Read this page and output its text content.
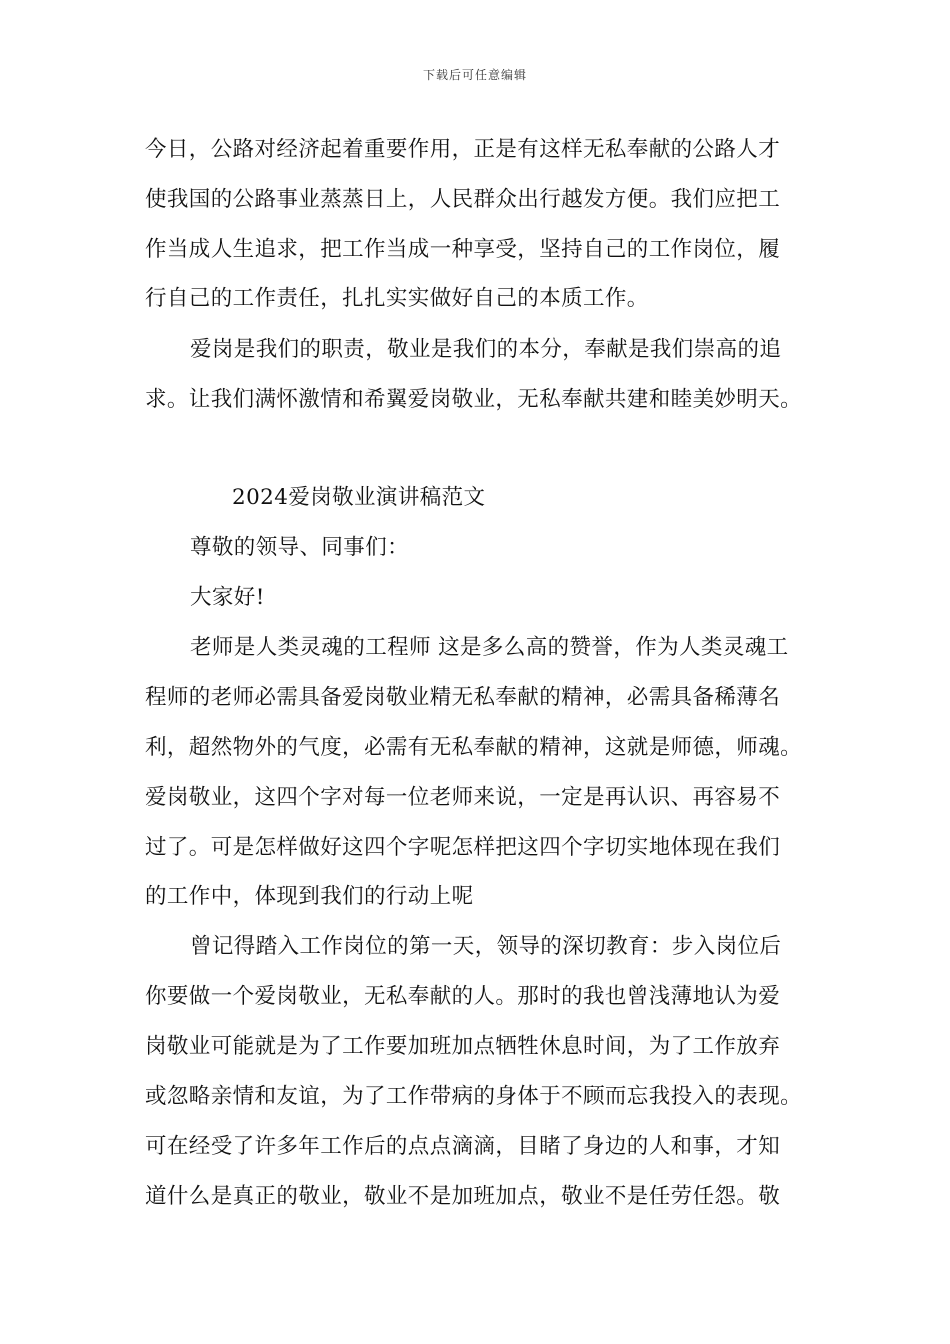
下载后可任意编辑
今日，公路对经济起着重要作用，正是有这样无私奉献的公路人才
使我国的公路事业蒸蒸日上，人民群众出行越发方便。我们应把工
作当成人生追求，把工作当成一种享受，坚持自己的工作岗位，履
行自己的工作责任，扎扎实实做好自己的本质工作。
爱岗是我们的职责，敬业是我们的本分，奉献是我们崇高的追
求。让我们满怀激情和希翼爱岗敬业，无私奉献共建和睦美妙明天。
2024爱岗敬业演讲稿范文
尊敬的领导、同事们：
大家好!
老师是人类灵魂的工程师 这是多么高的赞誉，作为人类灵魂工
程师的老师必需具备爱岗敬业精无私奉献的精神，必需具备稀薄名
利，超然物外的气度，必需有无私奉献的精神，这就是师德，师魂。
爱岗敬业，这四个字对每一位老师来说，一定是再认识、再容易不
过了。可是怎样做好这四个字呢怎样把这四个字切实地体现在我们
的工作中，体现到我们的行动上呢
曾记得踏入工作岗位的第一天，领导的深切教育：步入岗位后
你要做一个爱岗敬业，无私奉献的人。那时的我也曾浅薄地认为爱
岗敬业可能就是为了工作要加班加点牺牲休息时间，为了工作放弃
或忽略亲情和友谊，为了工作带病的身体于不顾而忘我投入的表现。
可在经受了许多年工作后的点点滴滴，目睹了身边的人和事，才知
道什么是真正的敬业，敬业不是加班加点，敬业不是任劳任怨。敬
